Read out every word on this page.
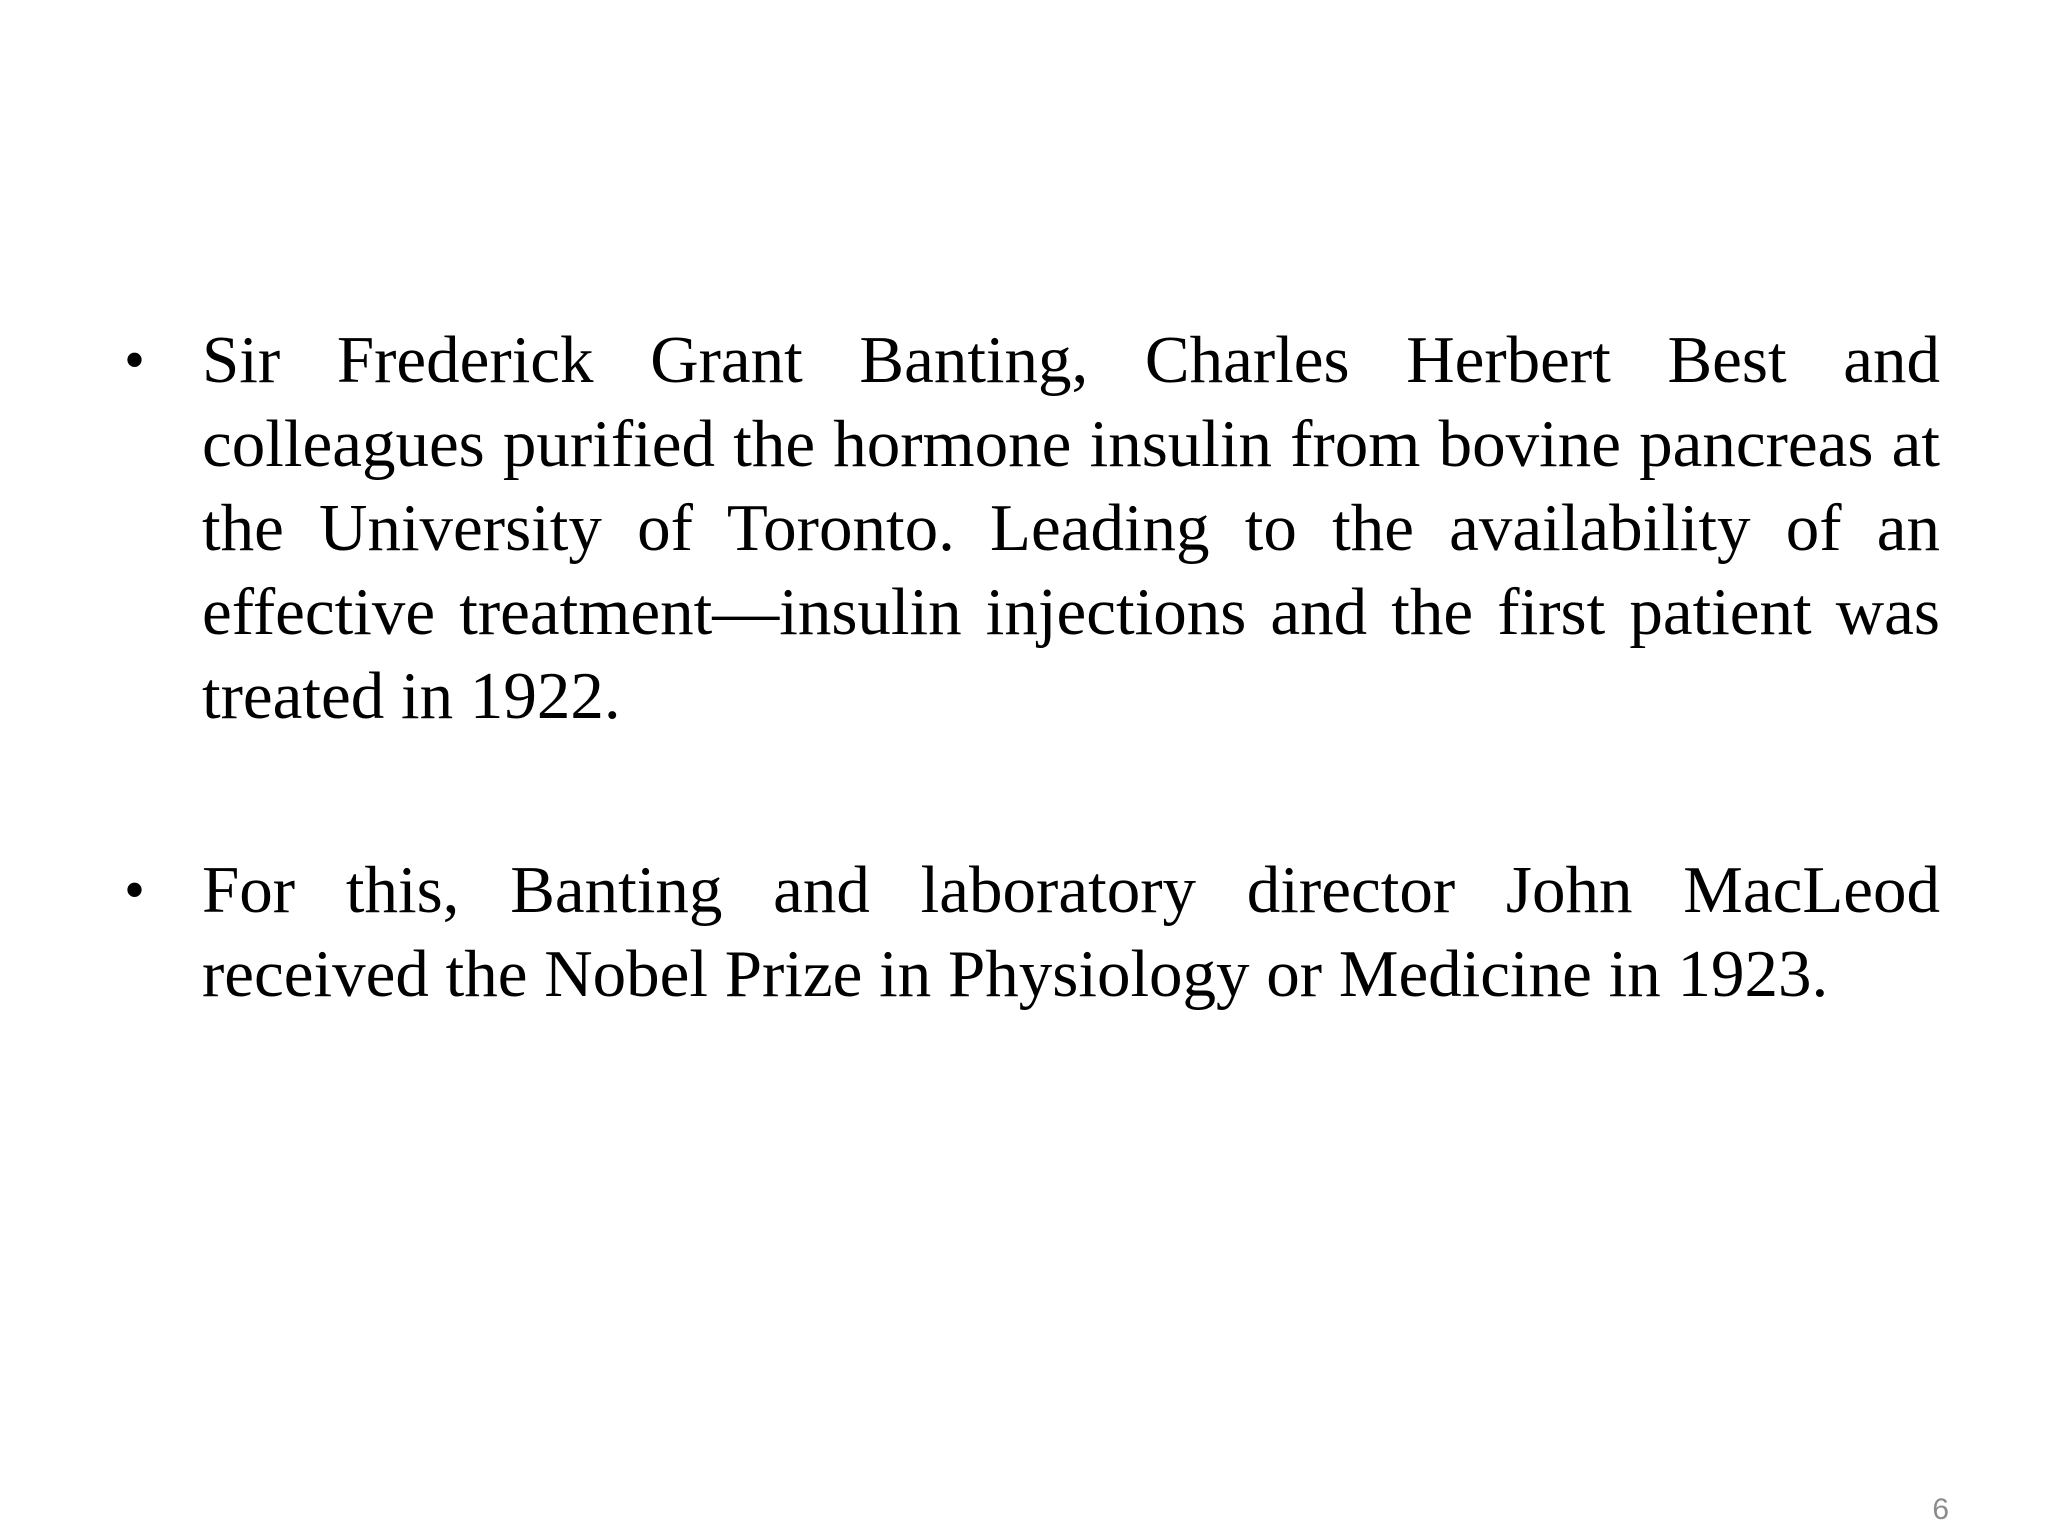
• Sir Frederick Grant Banting, Charles Herbert Best and colleagues purified the hormone insulin from bovine pancreas at the University of Toronto. Leading to the availability of an effective treatment—insulin injections and the first patient was treated in 1922.
• For this, Banting and laboratory director John MacLeod received the Nobel Prize in Physiology or Medicine in 1923.
6
